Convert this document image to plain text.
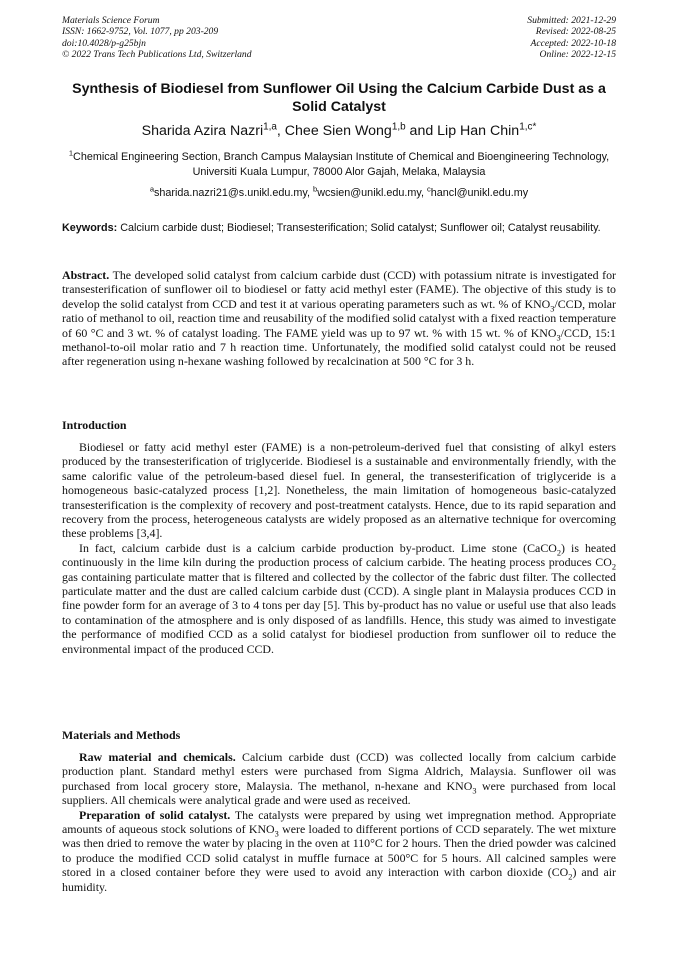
Materials Science Forum
ISSN: 1662-9752, Vol. 1077, pp 203-209
doi:10.4028/p-g25bjn
© 2022 Trans Tech Publications Ltd, Switzerland
Submitted: 2021-12-29
Revised: 2022-08-25
Accepted: 2022-10-18
Online: 2022-12-15
Synthesis of Biodiesel from Sunflower Oil Using the Calcium Carbide Dust as a Solid Catalyst
Sharida Azira Nazri$^{1,a}$, Chee Sien Wong$^{1,b}$ and Lip Han Chin$^{1,c*}$
$^1$Chemical Engineering Section, Branch Campus Malaysian Institute of Chemical and Bioengineering Technology, Universiti Kuala Lumpur, 78000 Alor Gajah, Melaka, Malaysia
$^a$sharida.nazri21@s.unikl.edu.my, $^b$wcsien@unikl.edu.my, $^c$hancl@unikl.edu.my
Keywords: Calcium carbide dust; Biodiesel; Transesterification; Solid catalyst; Sunflower oil; Catalyst reusability.

Abstract. The developed solid catalyst from calcium carbide dust (CCD) with potassium nitrate is investigated for transesterification of sunflower oil to biodiesel or fatty acid methyl ester (FAME). The objective of this study is to develop the solid catalyst from CCD and test it at various operating parameters such as wt. % of $KNO_3$/CCD, molar ratio of methanol to oil, reaction time and reusability of the modified solid catalyst with a fixed reaction temperature of 60 °C and 3 wt. % of catalyst loading. The FAME yield was up to 97 wt. % with 15 wt. % of $KNO_3$/CCD, 15:1 methanol-to-oil molar ratio and 7 h reaction time. Unfortunately, the modified solid catalyst could not be reused after regeneration using n-hexane washing followed by recalcination at 500 °C for 3 h.

Introduction

Biodiesel or fatty acid methyl ester (FAME) is a non-petroleum-derived fuel that consisting of alkyl esters produced by the transesterification of triglyceride. Biodiesel is a sustainable and environmentally friendly, with the same calorific value of the petroleum-based diesel fuel. In general, the transesterification of triglyceride is a homogeneous basic-catalyzed process [1,2]. Nonetheless, the main limitation of homogeneous basic-catalyzed transesterification is the complexity of recovery and post-treatment catalysts. Hence, due to its rapid separation and recovery from the process, heterogeneous catalysts are widely proposed as an alternative technique for overcoming these problems [3,4].

In fact, calcium carbide dust is a calcium carbide production by-product. Lime stone (CaCO$_2$) is heated continuously in the lime kiln during the production process of calcium carbide. The heating process produces $CO_2$ gas containing particulate matter that is filtered and collected by the collector of the fabric dust filter. The collected particulate matter and the dust are called calcium carbide dust (CCD). A single plant in Malaysia produces CCD in fine powder form for an average of 3 to 4 tons per day [5]. This by-product has no value or useful use that also leads to contamination of the atmosphere and is only disposed of as landfills. Hence, this study was aimed to investigate the performance of modified CCD as a solid catalyst for biodiesel production from sunflower oil to reduce the environmental impact of the produced CCD.

Materials and Methods

Raw material and chemicals. Calcium carbide dust (CCD) was collected locally from calcium carbide production plant. Standard methyl esters were purchased from Sigma Aldrich, Malaysia. Sunflower oil was purchased from local grocery store, Malaysia. The methanol, n-hexane and $KNO_3$ were purchased from local suppliers. All chemicals were analytical grade and were used as received.

Preparation of solid catalyst. The catalysts were prepared by using wet impregnation method. Appropriate amounts of aqueous stock solutions of $KNO_3$ were loaded to different portions of CCD separately. The wet mixture was then dried to remove the water by placing in the oven at 110°C for 2 hours. Then the dried powder was calcined to produce the modified CCD solid catalyst in muffle furnace at 500°C for 5 hours. All calcined samples were stored in a closed container before they were used to avoid any interaction with carbon dioxide $(CO_2)$ and air humidity.
